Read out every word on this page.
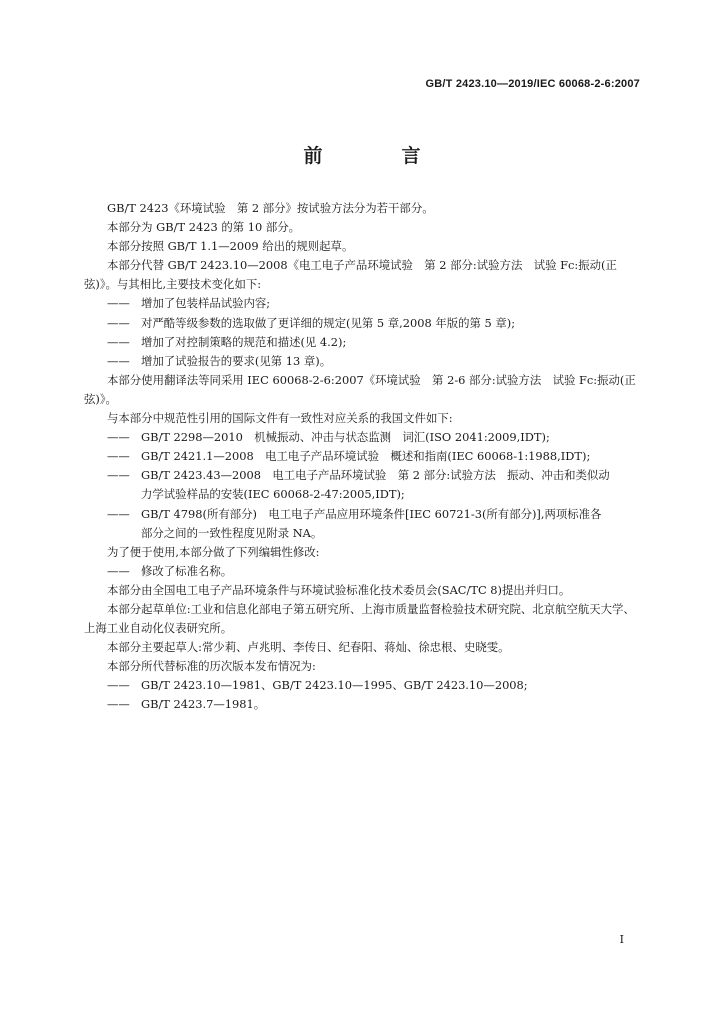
GB/T 2423.10—2019/IEC 60068-2-6:2007
前　言

GB/T 2423《环境试验　第 2 部分》按试验方法分为若干部分。

本部分为 GB/T 2423 的第 10 部分。

本部分按照 GB/T 1.1—2009 给出的规则起草。

本部分代替 GB/T 2423.10—2008《电工电子产品环境试验　第 2 部分:试验方法　试验 Fc:振动(正弦)》。与其相比,主要技术变化如下:

—— 增加了包装样品试验内容;

—— 对严酷等级参数的选取做了更详细的规定(见第 5 章,2008 年版的第 5 章);

—— 增加了对控制策略的规范和描述(见 4.2);

—— 增加了试验报告的要求(见第 13 章)。

本部分使用翻译法等同采用 IEC 60068-2-6:2007《环境试验　第 2-6 部分:试验方法　试验 Fc:振动(正弦)》。

与本部分中规范性引用的国际文件有一致性对应关系的我国文件如下:

—— GB/T 2298—2010　机械振动、冲击与状态监测　词汇(ISO 2041:2009,IDT);

—— GB/T 2421.1—2008　电工电子产品环境试验　概述和指南(IEC 60068-1:1988,IDT);

—— GB/T 2423.43—2008　电工电子产品环境试验　第 2 部分:试验方法　振动、冲击和类似动

力学试验样品的安装(IEC 60068-2-47:2005,IDT);

—— GB/T 4798(所有部分)　电工电子产品应用环境条件[IEC 60721-3(所有部分)],两项标准各

部分之间的一致性程度见附录 NA。

为了便于使用,本部分做了下列编辑性修改:

—— 修改了标准名称。

本部分由全国电工电子产品环境条件与环境试验标准化技术委员会(SAC/TC 8)提出并归口。

本部分起草单位:工业和信息化部电子第五研究所、上海市质量监督检验技术研究院、北京航空航天大学、上海工业自动化仪表研究所。

本部分主要起草人:常少莉、卢兆明、李传日、纪春阳、蒋灿、徐忠根、史晓雯。

本部分所代替标准的历次版本发布情况为:

—— GB/T 2423.10—1981、GB/T 2423.10—1995、GB/T 2423.10—2008;

—— GB/T 2423.7—1981。

I
